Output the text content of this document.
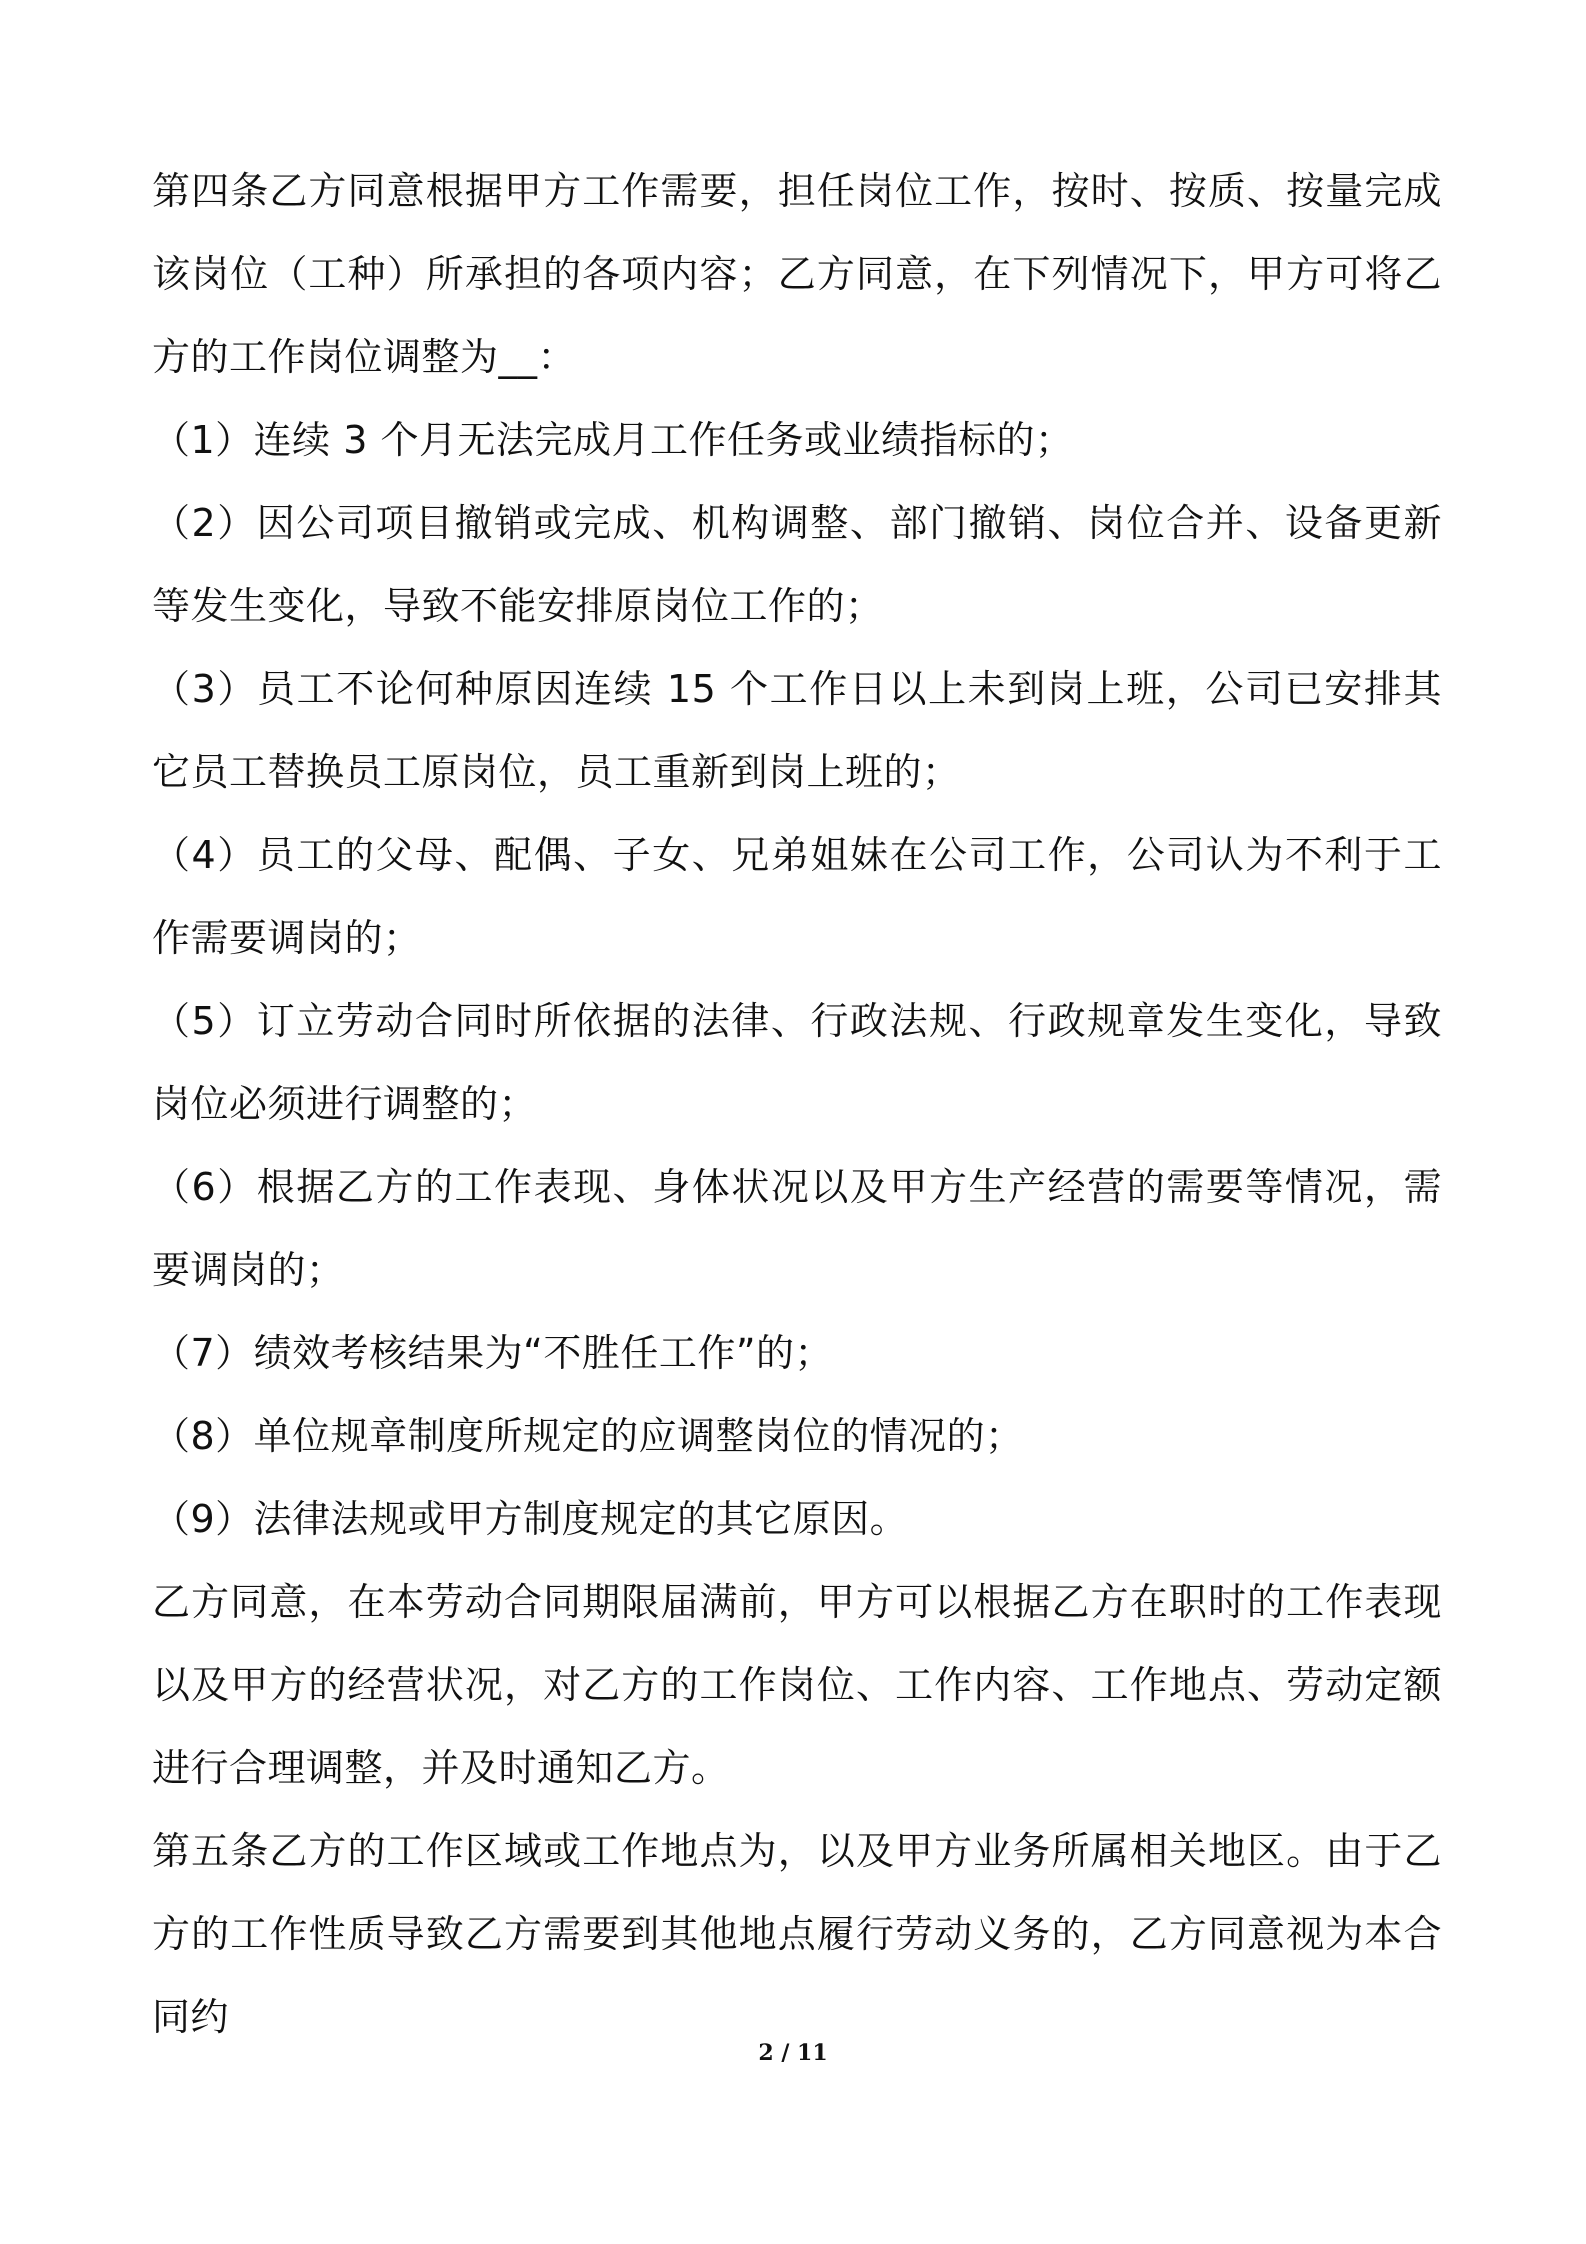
第四条乙方同意根据甲方工作需要，担任岗位工作，按时、按质、按量完成该岗位（工种）所承担的各项内容；乙方同意，在下列情况下，甲方可将乙方的工作岗位调整为__：

（1）连续 3 个月无法完成月工作任务或业绩指标的；

（2）因公司项目撤销或完成、机构调整、部门撤销、岗位合并、设备更新等发生变化，导致不能安排原岗位工作的；

（3）员工不论何种原因连续 15 个工作日以上未到岗上班，公司已安排其它员工替换员工原岗位，员工重新到岗上班的；

（4）员工的父母、配偶、子女、兄弟姐妹在公司工作，公司认为不利于工作需要调岗的；

（5）订立劳动合同时所依据的法律、行政法规、行政规章发生变化，导致岗位必须进行调整的；

（6）根据乙方的工作表现、身体状况以及甲方生产经营的需要等情况，需要调岗的；

（7）绩效考核结果为“不胜任工作”的；

（8）单位规章制度所规定的应调整岗位的情况的；

（9）法律法规或甲方制度规定的其它原因。

乙方同意，在本劳动合同期限届满前，甲方可以根据乙方在职时的工作表现以及甲方的经营状况，对乙方的工作岗位、工作内容、工作地点、劳动定额进行合理调整，并及时通知乙方。

第五条乙方的工作区域或工作地点为，以及甲方业务所属相关地区。由于乙方的工作性质导致乙方需要到其他地点履行劳动义务的，乙方同意视为本合同约

2 / 11
